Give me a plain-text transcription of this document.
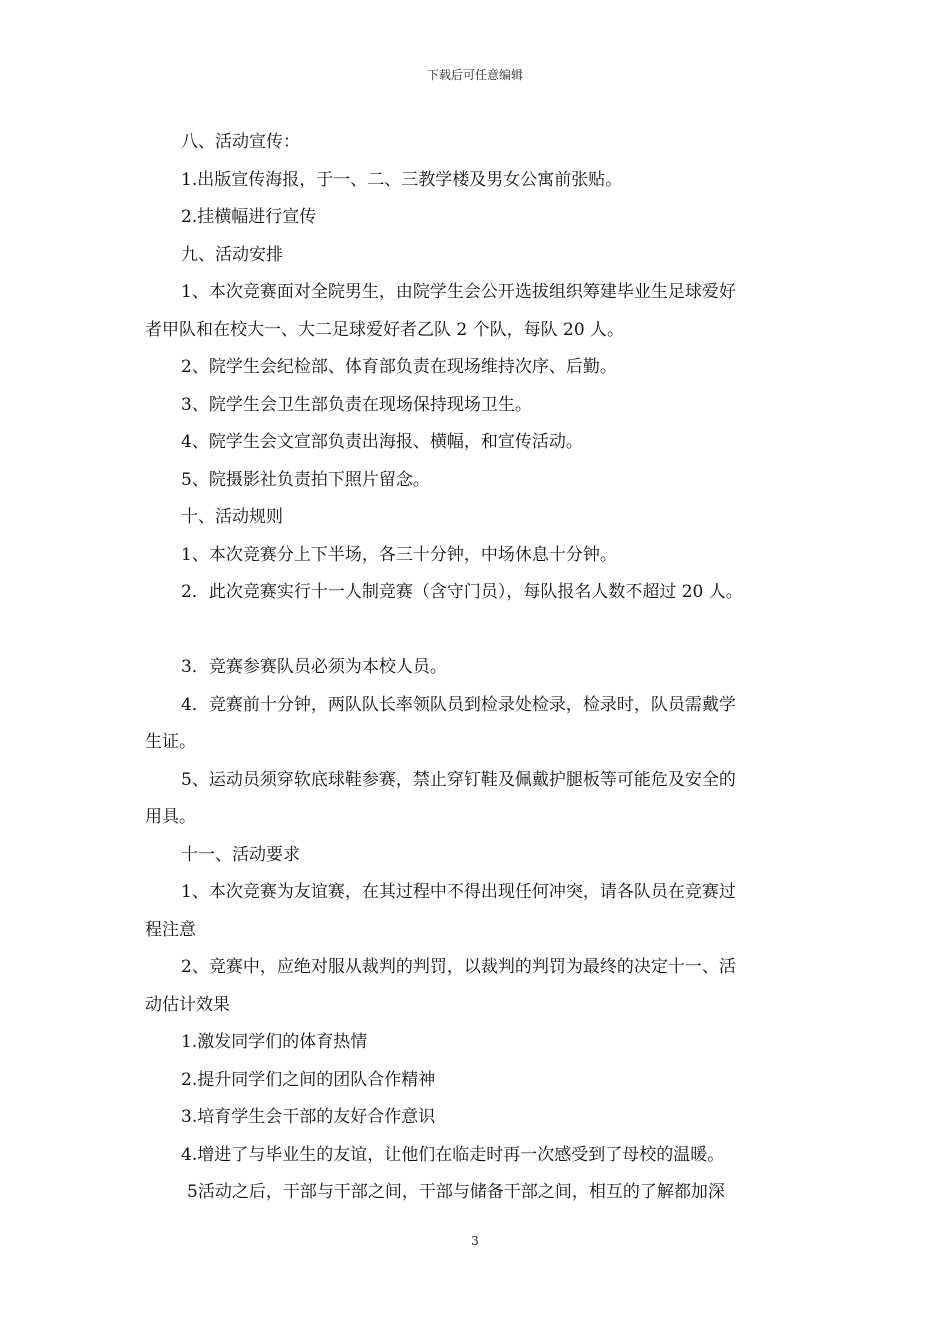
下载后可任意编辑

八、活动宣传：

1.出版宣传海报，于一、二、三教学楼及男女公寓前张贴。

2.挂横幅进行宣传

九、活动安排

1、本次竞赛面对全院男生，由院学生会公开选拔组织筹建毕业生足球爱好

者甲队和在校大一、大二足球爱好者乙队 2 个队，每队 20 人。

2、院学生会纪检部、体育部负责在现场维持次序、后勤。

3、院学生会卫生部负责在现场保持现场卫生。

4、院学生会文宣部负责出海报、横幅，和宣传活动。

5、院摄影社负责拍下照片留念。

十、活动规则

1、本次竞赛分上下半场，各三十分钟，中场休息十分钟。

2．此次竞赛实行十一人制竞赛（含守门员），每队报名人数不超过 20 人。

3．竞赛参赛队员必须为本校人员。

4．竞赛前十分钟，两队队长率领队员到检录处检录，检录时，队员需戴学

生证。

5、运动员须穿软底球鞋参赛，禁止穿钉鞋及佩戴护腿板等可能危及安全的

用具。

十一、活动要求

1、本次竞赛为友谊赛，在其过程中不得出现任何冲突，请各队员在竞赛过

程注意

2、竞赛中，应绝对服从裁判的判罚，以裁判的判罚为最终的决定十一、活

动估计效果

1.激发同学们的体育热情

2.提升同学们之间的团队合作精神

3.培育学生会干部的友好合作意识

4.增进了与毕业生的友谊，让他们在临走时再一次感受到了母校的温暖。

5活动之后，干部与干部之间，干部与储备干部之间，相互的了解都加深

3
